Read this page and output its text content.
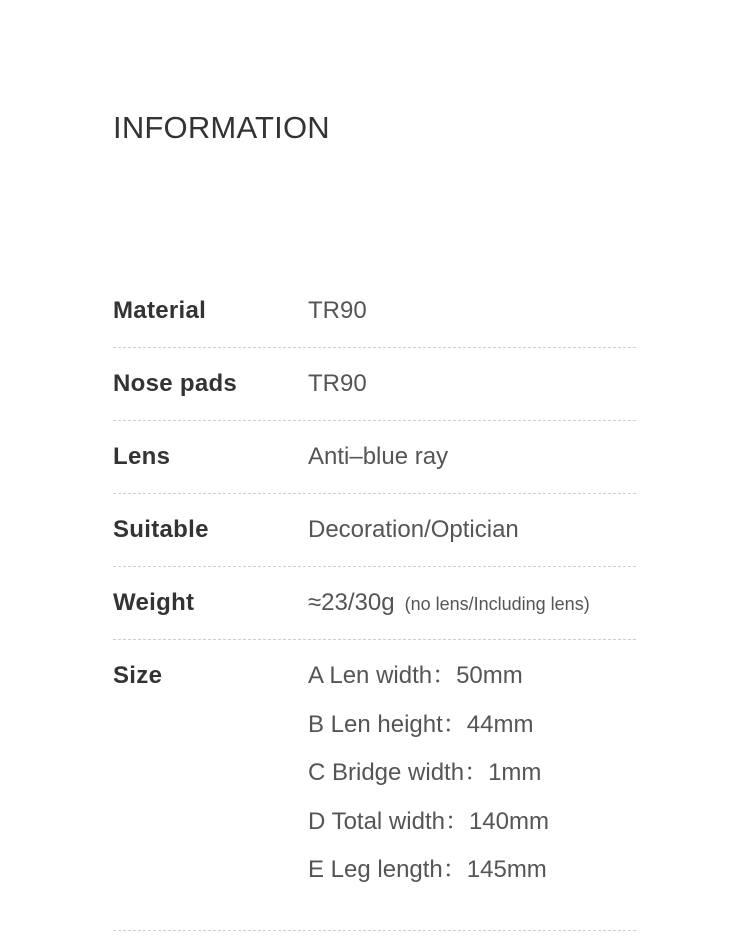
INFORMATION
Material	TR90
Nose pads	TR90
Lens	Anti–blue ray
Suitable	Decoration/Optician
Weight	≈23/30g (no lens/Including lens)
Size	A Len width：50mm
B Len height：44mm
C Bridge width：1mm
D Total width：140mm
E Leg length：145mm
